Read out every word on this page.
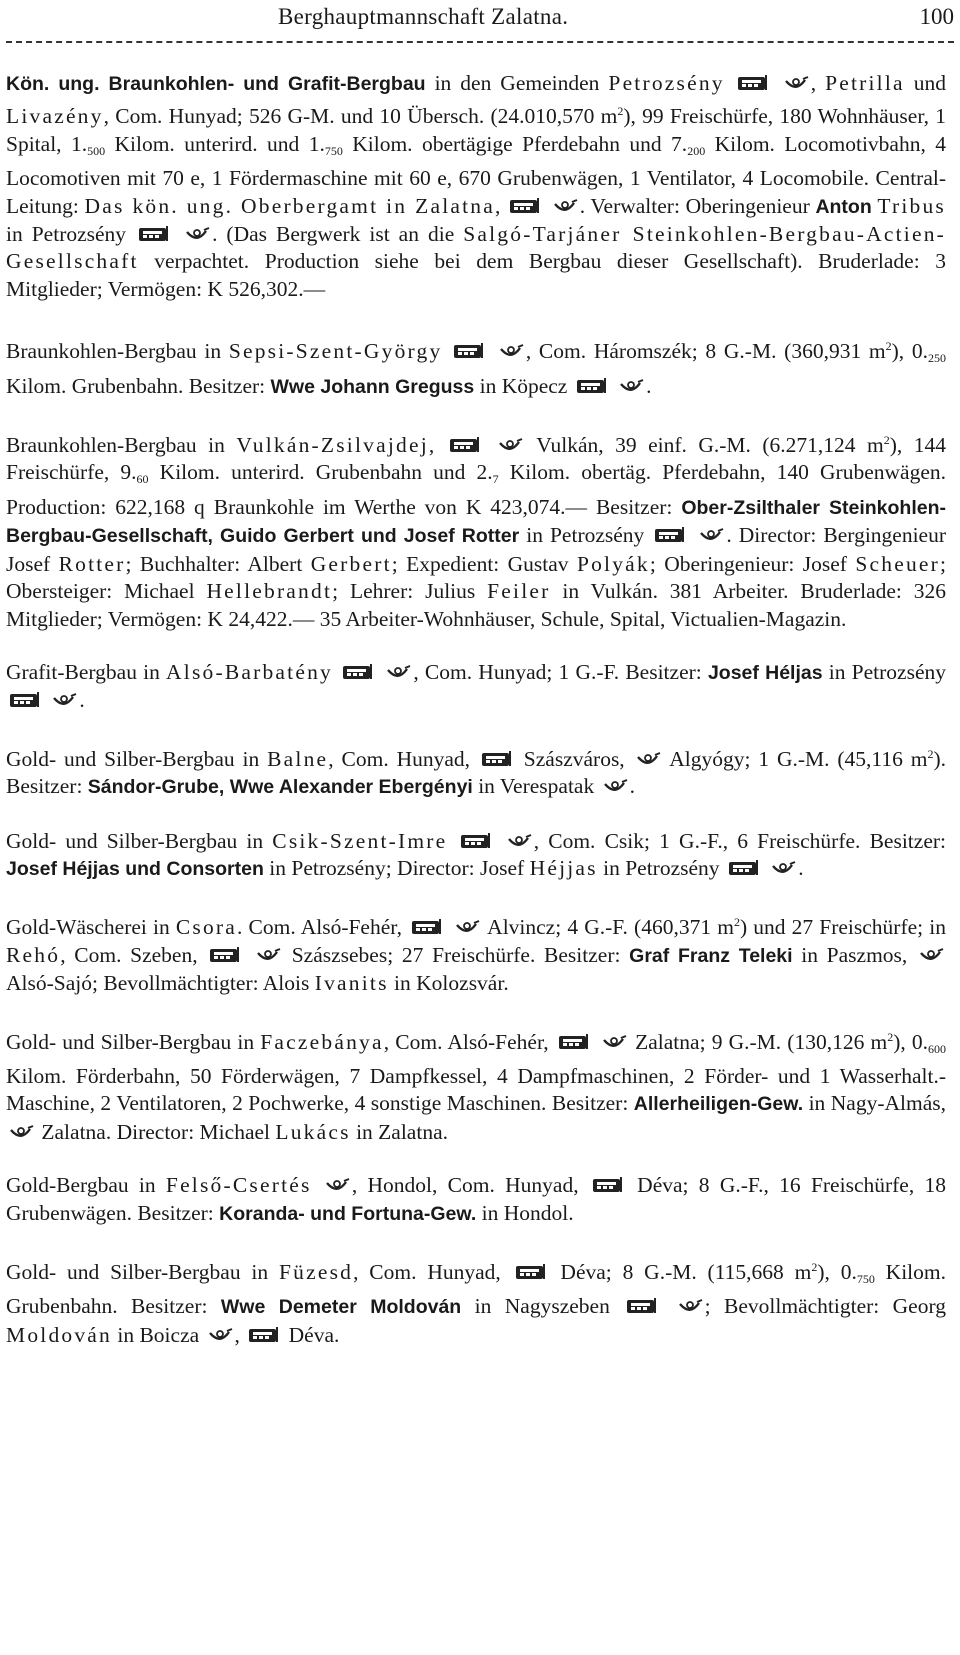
Berghauptmannschaft Zalatna.	100

Kön. ung. Braunkohlen- und Grafit-Bergbau in den Gemeinden Petrozsény
	, Petrilla und Livazény, Com. Hunyad; 526 G-M. und 10 Übersch. (24.010,570 $m^2$), 99 Freischürfe, 180 Wohnhäuser, 1 Spital, $1._{500}$ Kilom. unterird. und $1._{750}$ Kilom. obertägige Pferdebahn und $7._{200}$ Kilom. Locomotivbahn, 4 Locomotiven mit 70 e, 1 Fördermaschine mit 60 e, 670 Grubenwägen, 1 Ventilator, 4 Locomobile. Central-Leitung: Das kön. ung. Oberbergamt in Zalatna,
	. Verwalter: Oberingenieur Anton Tribus in Petrozsény
	. (Das Bergwerk ist an die Salgó-Tarjáner Steinkohlen-Bergbau-Actien-Gesellschaft verpachtet. Production siehe bei dem Bergbau dieser Gesellschaft). Bruderlade: 3 Mitglieder; Vermögen: K 526,302.—

Braunkohlen-Bergbau in Sepsi-Szent-György
	, Com. Háromszék; 8 G.-M. (360,931 $m^2$), $0._{250}$ Kilom. Grubenbahn. Besitzer: Wwe Johann Greguss in Köpecz
	.

Braunkohlen-Bergbau in Vulkán-Zsilvajdej,
	Vulkán, 39 einf. G.-M. (6.271,124 $m^2$), 144 Freischürfe, $9._{60}$ Kilom. unterird. Grubenbahn und $2._7$ Kilom. obertäg. Pferdebahn, 140 Grubenwägen. Production: 622,168 q Braunkohle im Werthe von K 423,074.— Besitzer: Ober-Zsilthaler Steinkohlen-Bergbau-Gesellschaft, Guido Gerbert und Josef Rotter in Petrozsény
	. Director: Bergingenieur Josef Rotter; Buchhalter: Albert Gerbert; Expedient: Gustav Polyák; Oberingenieur: Josef Scheuer; Obersteiger: Michael Hellebrandt; Lehrer: Julius Feiler in Vulkán. 381 Arbeiter. Bruderlade: 326 Mitglieder; Vermögen: K 24,422.— 35 Arbeiter-Wohnhäuser, Schule, Spital, Victualien-Magazin.

Grafit-Bergbau in Alsó-Barbatény
	, Com. Hunyad; 1 G.-F. Besitzer: Josef Héljas in Petrozsény

.

Gold- und Silber-Bergbau in Balne, Com. Hunyad,
Szászváros,
Algyógy; 1 G.-M. (45,116 $m^2$). Besitzer: Sándor-Grube, Wwe Alexander Ebergényi in Verespatak
.

Gold- und Silber-Bergbau in Csik-Szent-Imre
	, Com. Csik; 1 G.-F., 6 Freischürfe. Besitzer: Josef Héjjas und Consorten in Petrozsény; Director: Josef Héjjas in Petrozsény
	.

Gold-Wäscherei in Csora. Com. Alsó-Fehér,
	Alvincz; 4 G.-F. (460,371 $m^2$) und 27 Freischürfe; in Rehó, Com. Szeben,
	Szászsebes; 27 Freischürfe. Besitzer: Graf Franz Teleki in Paszmos,
Alsó-Sajó; Bevollmächtigter: Alois Ivanits in Kolozsvár.

Gold- und Silber-Bergbau in Faczebánya, Com. Alsó-Fehér,
	Zalatna; 9 G.-M. (130,126 $m^2$), $0._{600}$ Kilom. Förderbahn, 50 Förderwägen, 7 Dampfkessel, 4 Dampfmaschinen, 2 Förder- und 1 Wasserhalt.-Maschine, 2 Ventilatoren, 2 Pochwerke, 4 sonstige Maschinen. Besitzer: Allerheiligen-Gew. in Nagy-Almás,
Zalatna. Director: Michael Lukács in Zalatna.

Gold-Bergbau in Felső-Csertés , Hondol, Com. Hunyad,
Déva; 8 G.-F., 16 Freischürfe, 18 Grubenwägen. Besitzer: Koranda- und Fortuna-Gew. in Hondol.

Gold- und Silber-Bergbau in Füzesd, Com. Hunyad,
Déva; 8 G.-M. (115,668 $m^2$), $0._{750}$ Kilom. Grubenbahn. Besitzer: Wwe Demeter Moldován in Nagyszeben
	; Bevollmächtigter: Georg Moldován in Boicza
,
Déva.
